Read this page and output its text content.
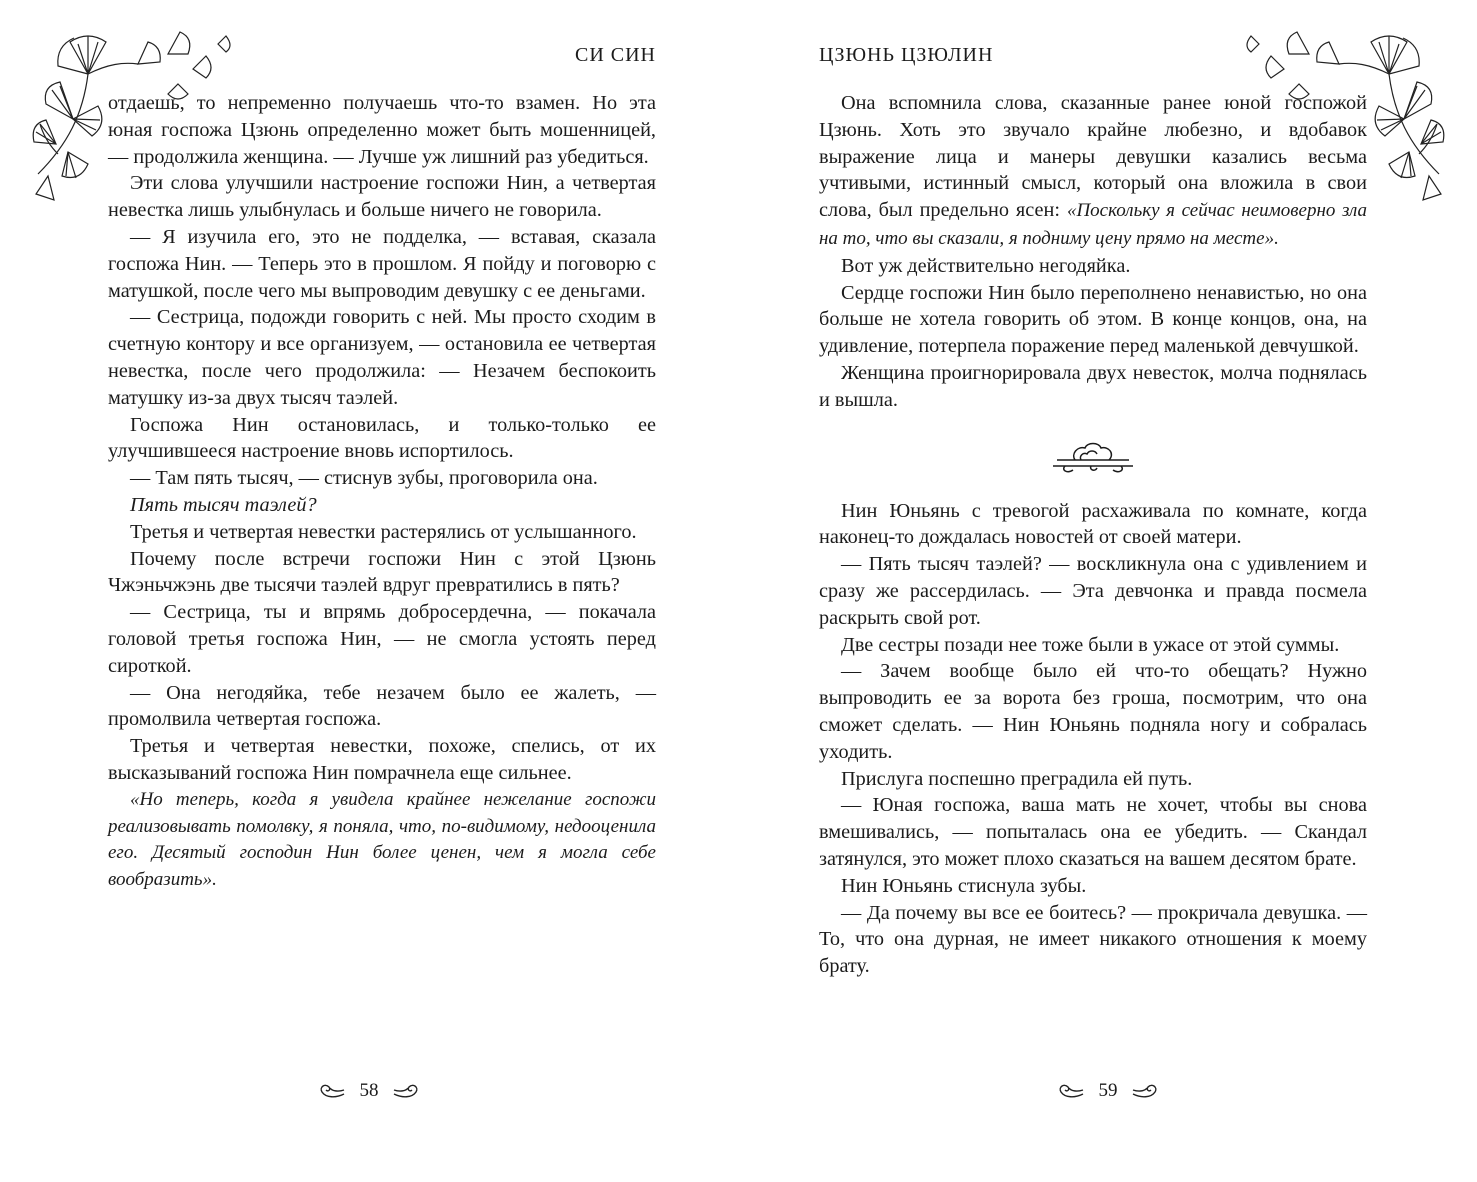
СИ СИН

отдаешь, то непременно получаешь что-то взамен. Но эта юная госпожа Цзюнь определенно может быть мошенницей, — продолжила женщина. — Лучше уж лишний раз убедиться.

Эти слова улучшили настроение госпожи Нин, а четвертая невестка лишь улыбнулась и больше ничего не говорила.

— Я изучила его, это не подделка, — вставая, сказала госпожа Нин. — Теперь это в прошлом. Я пойду и поговорю с матушкой, после чего мы выпроводим девушку с ее деньгами.

— Сестрица, подожди говорить с ней. Мы просто сходим в счетную контору и все организуем, — остановила ее четвертая невестка, после чего продолжила: — Незачем беспокоить матушку из-за двух тысяч таэлей.

Госпожа Нин остановилась, и только-только ее улучшившееся настроение вновь испортилось.

— Там пять тысяч, — стиснув зубы, проговорила она.

Пять тысяч таэлей?

Третья и четвертая невестки растерялись от услышанного.

Почему после встречи госпожи Нин с этой Цзюнь Чжэньчжэнь две тысячи таэлей вдруг превратились в пять?

— Сестрица, ты и впрямь добросердечна, — покачала головой третья госпожа Нин, — не смогла устоять перед сироткой.

— Она негодяйка, тебе незачем было ее жалеть, — промолвила четвертая госпожа.

Третья и четвертая невестки, похоже, спелись, от их высказываний госпожа Нин помрачнела еще сильнее.

«Но теперь, когда я увидела крайнее нежелание госпожи реализовывать помолвку, я поняла, что, по-видимому, недооценила его. Десятый господин Нин более ценен, чем я могла себе вообразить».

58
ЦЗЮНЬ ЦЗЮЛИН

Она вспомнила слова, сказанные ранее юной госпожой Цзюнь. Хоть это звучало крайне любезно, и вдобавок выражение лица и манеры девушки казались весьма учтивыми, истинный смысл, который она вложила в свои слова, был предельно ясен: «Поскольку я сейчас неимоверно зла на то, что вы сказали, я подниму цену прямо на месте».

Вот уж действительно негодяйка.

Сердце госпожи Нин было переполнено ненавистью, но она больше не хотела говорить об этом. В конце концов, она, на удивление, потерпела поражение перед маленькой девчушкой.

Женщина проигнорировала двух невесток, молча поднялась и вышла.

Нин Юньянь с тревогой расхаживала по комнате, когда наконец-то дождалась новостей от своей матери.

— Пять тысяч таэлей? — воскликнула она с удивлением и сразу же рассердилась. — Эта девчонка и правда посмела раскрыть свой рот.

Две сестры позади нее тоже были в ужасе от этой суммы.

— Зачем вообще было ей что-то обещать? Нужно выпроводить ее за ворота без гроша, посмотрим, что она сможет сделать. — Нин Юньянь подняла ногу и собралась уходить.

Прислуга поспешно преградила ей путь.

— Юная госпожа, ваша мать не хочет, чтобы вы снова вмешивались, — попыталась она ее убедить. — Скандал затянулся, это может плохо сказаться на вашем десятом брате.

Нин Юньянь стиснула зубы.

— Да почему вы все ее боитесь? — прокричала девушка. — То, что она дурная, не имеет никакого отношения к моему брату.

59
